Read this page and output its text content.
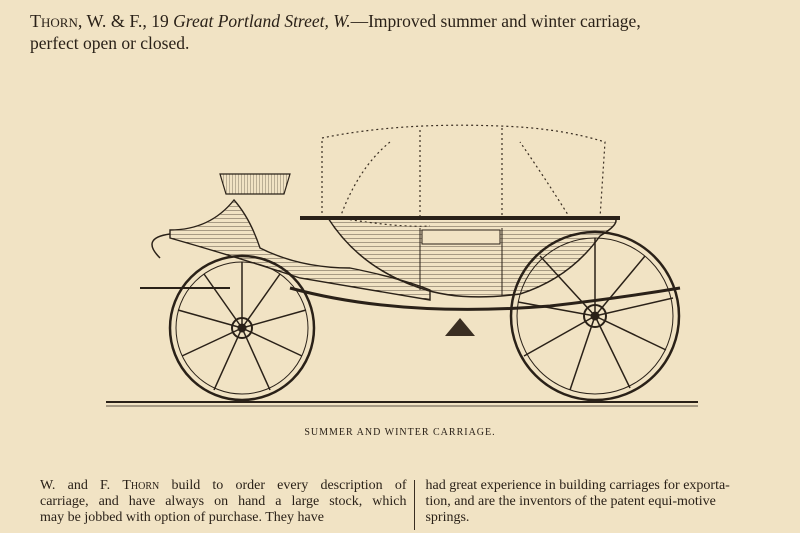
Thorn, W. & F., 19 Great Portland Street, W.—Improved summer and winter carriage,
perfect open or closed.
SUMMER AND WINTER CARRIAGE.
W. and F. Thorn build to order every description of
carriage, and have always on hand a large stock, which
may be jobbed with option of purchase. They have
had great experience in building carriages for exporta-
tion, and are the inventors of the patent equi-motive
springs.
